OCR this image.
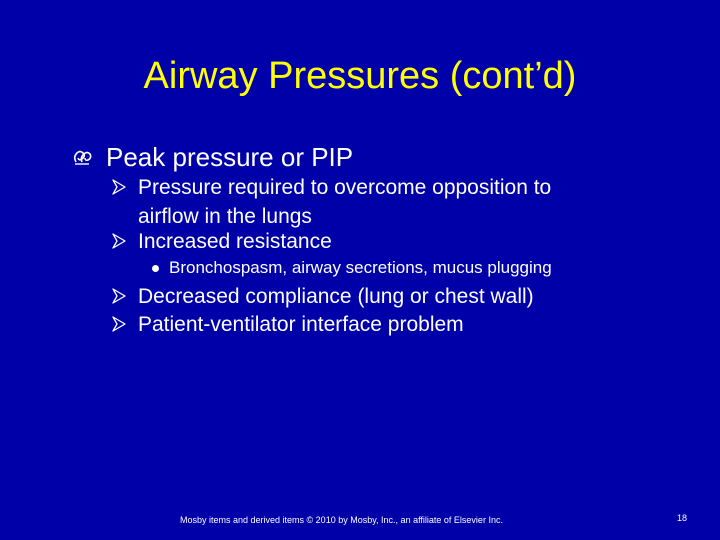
Airway Pressures (cont’d)
Peak pressure or PIP
Pressure required to overcome opposition to
airflow in the lungs
Increased resistance
Bronchospasm, airway secretions, mucus plugging
Decreased compliance (lung or chest wall)
Patient-ventilator interface problem
Mosby items and derived items © 2010 by Mosby, Inc., an affiliate of Elsevier Inc.	18
